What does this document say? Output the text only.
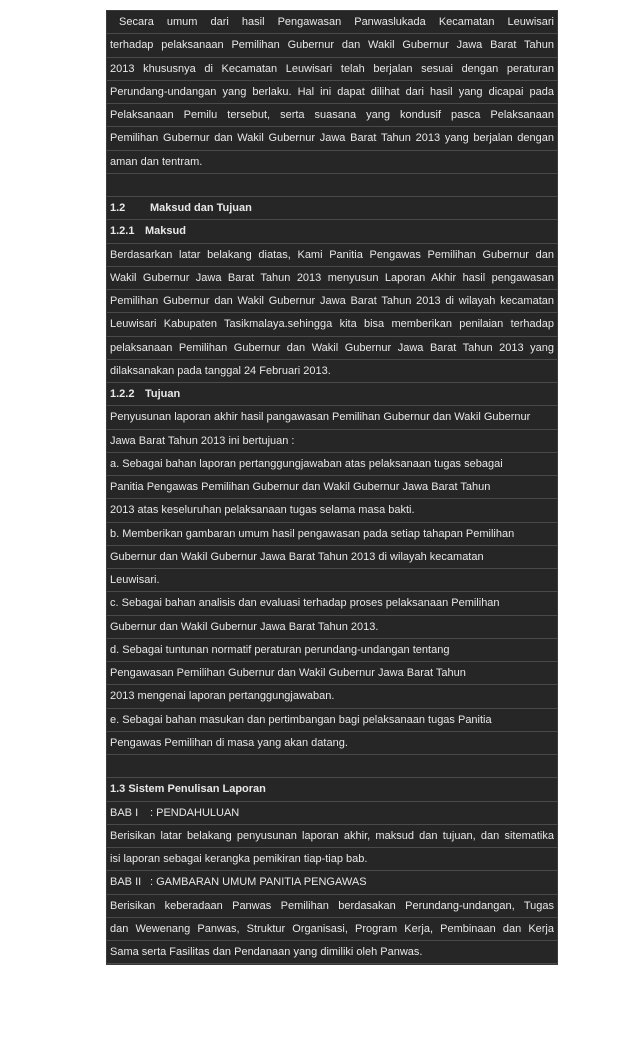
Secara umum dari hasil Pengawasan Panwaslukada Kecamatan Leuwisari
terhadap pelaksanaan Pemilihan Gubernur dan Wakil Gubernur Jawa Barat Tahun
2013 khususnya di Kecamatan Leuwisari telah berjalan sesuai dengan peraturan
Perundang-undangan yang berlaku. Hal ini dapat dilihat dari hasil yang dicapai pada
Pelaksanaan Pemilu tersebut, serta suasana yang kondusif pasca Pelaksanaan
Pemilihan Gubernur dan Wakil Gubernur Jawa Barat Tahun 2013 yang berjalan dengan
aman dan tentram.
1.2 Maksud dan Tujuan
1.2.1 Maksud
Berdasarkan latar belakang diatas, Kami Panitia Pengawas Pemilihan Gubernur dan
Wakil Gubernur Jawa Barat Tahun 2013 menyusun Laporan Akhir hasil pengawasan
Pemilihan Gubernur dan Wakil Gubernur Jawa Barat Tahun 2013 di wilayah kecamatan
Leuwisari Kabupaten Tasikmalaya.sehingga kita bisa memberikan penilaian terhadap
pelaksanaan Pemilihan Gubernur dan Wakil Gubernur Jawa Barat Tahun 2013 yang
dilaksanakan pada tanggal 24 Februari 2013.
1.2.2 Tujuan
Penyusunan laporan akhir hasil pangawasan Pemilihan Gubernur dan Wakil Gubernur
Jawa Barat Tahun 2013 ini bertujuan :
a. Sebagai bahan laporan pertanggungjawaban atas pelaksanaan tugas sebagai
Panitia Pengawas Pemilihan Gubernur dan Wakil Gubernur Jawa Barat Tahun
2013 atas keseluruhan pelaksanaan tugas selama masa bakti.
b. Memberikan gambaran umum hasil pengawasan pada setiap tahapan Pemilihan
Gubernur dan Wakil Gubernur Jawa Barat Tahun 2013 di wilayah kecamatan
Leuwisari.
c. Sebagai bahan analisis dan evaluasi terhadap proses pelaksanaan Pemilihan
Gubernur dan Wakil Gubernur Jawa Barat Tahun 2013.
d. Sebagai tuntunan normatif peraturan perundang-undangan tentang
Pengawasan Pemilihan Gubernur dan Wakil Gubernur Jawa Barat Tahun
2013 mengenai laporan pertanggungjawaban.
e. Sebagai bahan masukan dan pertimbangan bagi pelaksanaan tugas Panitia
Pengawas Pemilihan di masa yang akan datang.
1.3 Sistem Penulisan Laporan
BAB I : PENDAHULUAN
Berisikan latar belakang penyusunan laporan akhir, maksud dan tujuan, dan sitematika
isi laporan sebagai kerangka pemikiran tiap-tiap bab.
BAB II : GAMBARAN UMUM PANITIA PENGAWAS
Berisikan keberadaan Panwas Pemilihan berdasakan Perundang-undangan, Tugas
dan Wewenang Panwas, Struktur Organisasi, Program Kerja, Pembinaan dan Kerja
Sama serta Fasilitas dan Pendanaan yang dimiliki oleh Panwas.
